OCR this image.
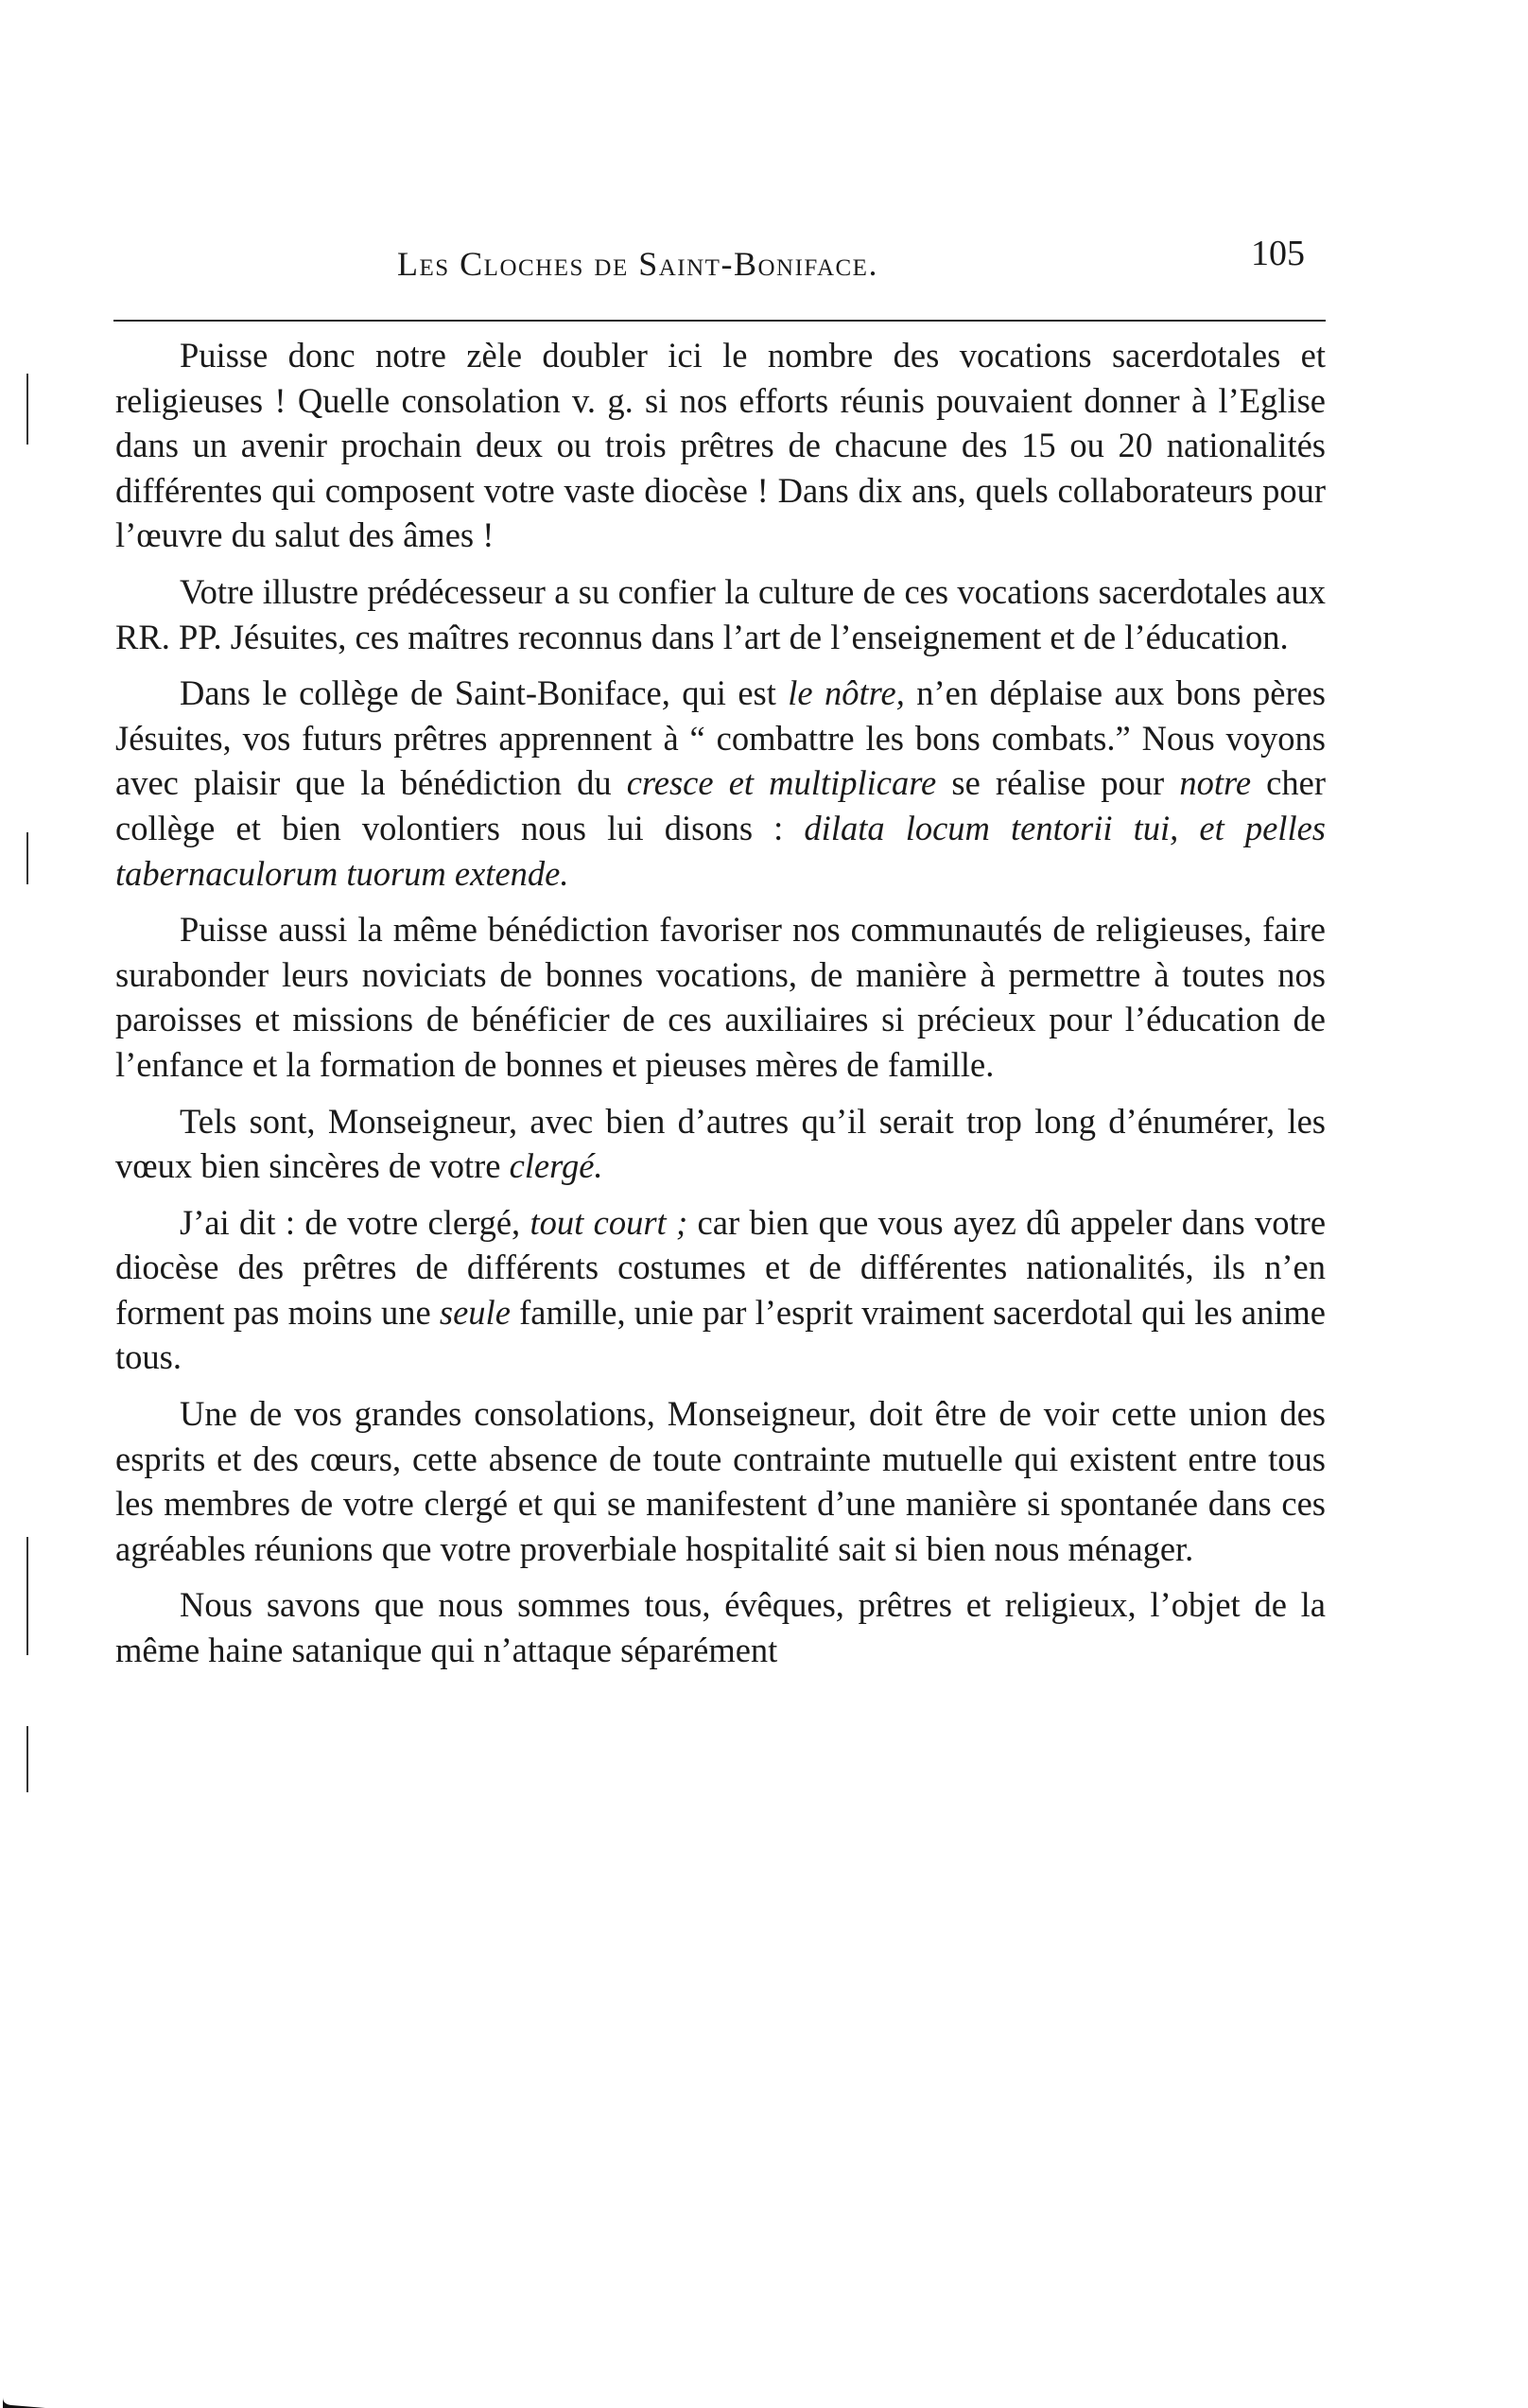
Les Cloches de Saint-Boniface.	105

Puisse donc notre zèle doubler ici le nombre des vocations sacerdotales et religieuses ! Quelle consolation v. g. si nos efforts réunis pouvaient donner à l’Eglise dans un avenir prochain deux ou trois prêtres de chacune des 15 ou 20 nationalités différentes qui composent votre vaste diocèse ! Dans dix ans, quels collaborateurs pour l’œuvre du salut des âmes !

Votre illustre prédécesseur a su confier la culture de ces vocations sacerdotales aux RR. PP. Jésuites, ces maîtres reconnus dans l’art de l’enseignement et de l’éducation.

Dans le collège de Saint-Boniface, qui est le nôtre, n’en déplaise aux bons pères Jésuites, vos futurs prêtres apprennent à “ combattre les bons combats.” Nous voyons avec plaisir que la bénédiction du cresce et multiplicare se réalise pour notre cher collège et bien volontiers nous lui disons : dilata locum tentorii tui, et pelles tabernaculorum tuorum extende.

Puisse aussi la même bénédiction favoriser nos communautés de religieuses, faire surabonder leurs noviciats de bonnes vocations, de manière à permettre à toutes nos paroisses et missions de bénéficier de ces auxiliaires si précieux pour l’éducation de l’enfance et la formation de bonnes et pieuses mères de famille.

Tels sont, Monseigneur, avec bien d’autres qu’il serait trop long d’énumérer, les vœux bien sincères de votre clergé.

J’ai dit : de votre clergé, tout court ; car bien que vous ayez dû appeler dans votre diocèse des prêtres de différents costumes et de différentes nationalités, ils n’en forment pas moins une seule famille, unie par l’esprit vraiment sacerdotal qui les anime tous.

Une de vos grandes consolations, Monseigneur, doit être de voir cette union des esprits et des cœurs, cette absence de toute contrainte mutuelle qui existent entre tous les membres de votre clergé et qui se manifestent d’une manière si spontanée dans ces agréables réunions que votre proverbiale hospitalité sait si bien nous ménager.

Nous savons que nous sommes tous, évêques, prêtres et religieux, l’objet de la même haine satanique qui n’attaque séparément
